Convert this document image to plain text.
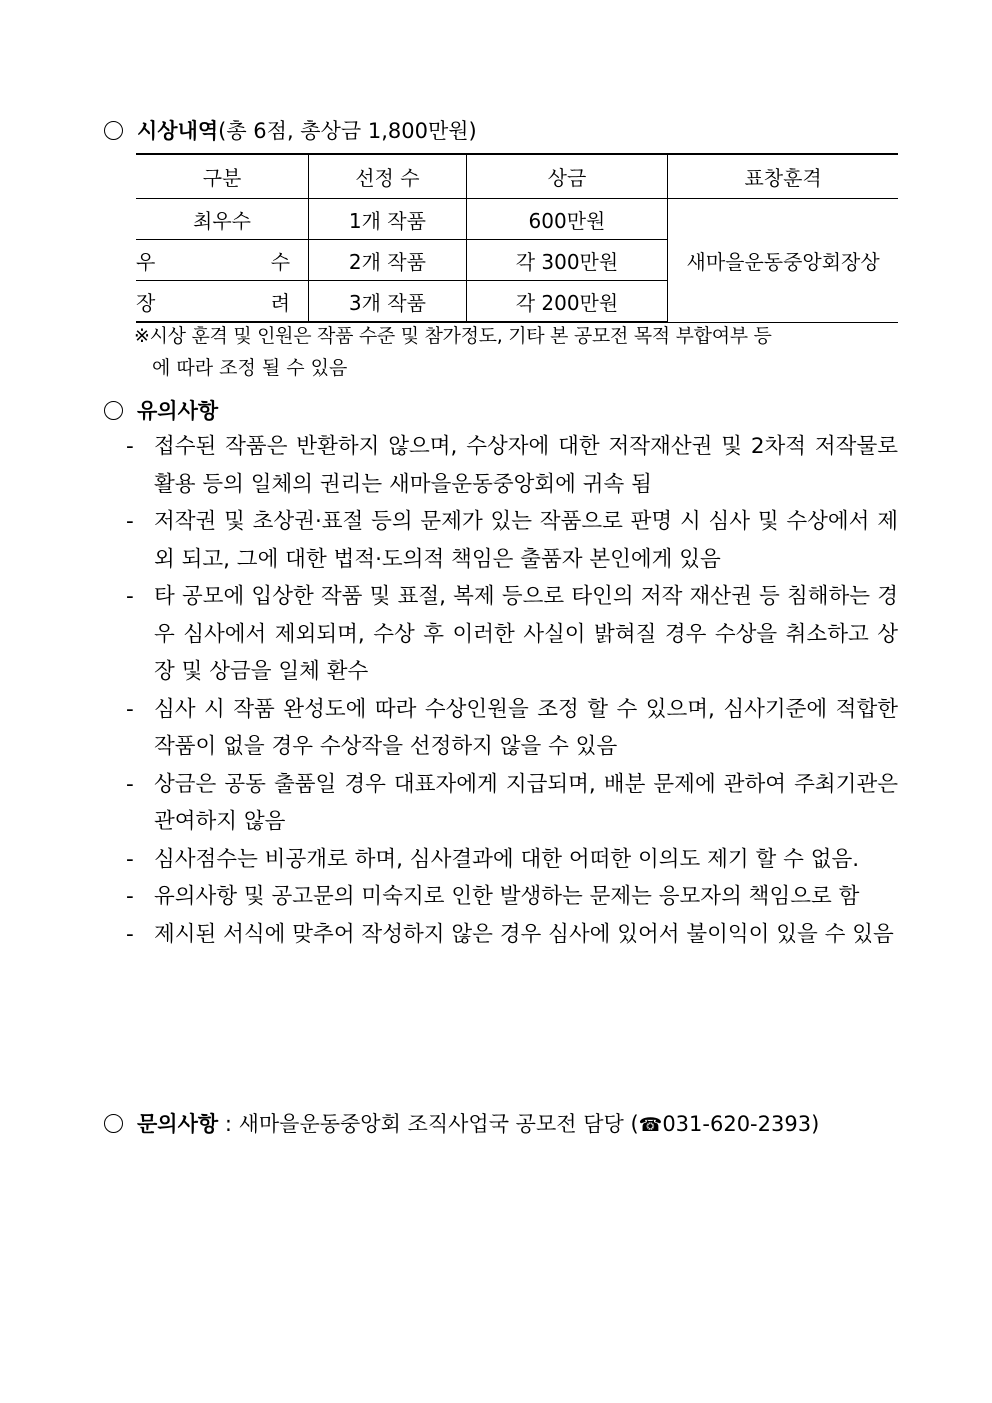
시상내역(총 6점, 총상금 1,800만원)
구분	선정 수	상금	표창훈격
최우수	1개 작품	600만원	새마을운동중앙회장상
우    수	2개 작품	각 300만원	
장    려	3개 작품	각 200만원	
※시상 훈격 및 인원은 작품 수준 및 참가정도, 기타 본 공모전 목적 부합여부 등
에 따라 조정 될 수 있음
유의사항
- 접수된 작품은 반환하지 않으며, 수상자에 대한 저작재산권 및 2차적 저작물로 활용 등의 일체의 권리는 새마을운동중앙회에 귀속 됨
- 저작권 및 초상권·표절 등의 문제가 있는 작품으로 판명 시 심사 및 수상에서 제외 되고, 그에 대한 법적·도의적 책임은 출품자 본인에게 있음
- 타 공모에 입상한 작품 및 표절, 복제 등으로 타인의 저작 재산권 등 침해하는 경우 심사에서 제외되며, 수상 후 이러한 사실이 밝혀질 경우 수상을 취소하고 상장 및 상금을 일체 환수
- 심사 시 작품 완성도에 따라 수상인원을 조정 할 수 있으며, 심사기준에 적합한 작품이 없을 경우 수상작을 선정하지 않을 수 있음
- 상금은 공동 출품일 경우 대표자에게 지급되며, 배분 문제에 관하여 주최기관은 관여하지 않음
- 심사점수는 비공개로 하며, 심사결과에 대한 어떠한 이의도 제기 할 수 없음.
- 유의사항 및 공고문의 미숙지로 인한 발생하는 문제는 응모자의 책임으로 함
- 제시된 서식에 맞추어 작성하지 않은 경우 심사에 있어서 불이익이 있을 수 있음
문의사항 : 새마을운동중앙회 조직사업국 공모전 담당 (☎031-620-2393)
